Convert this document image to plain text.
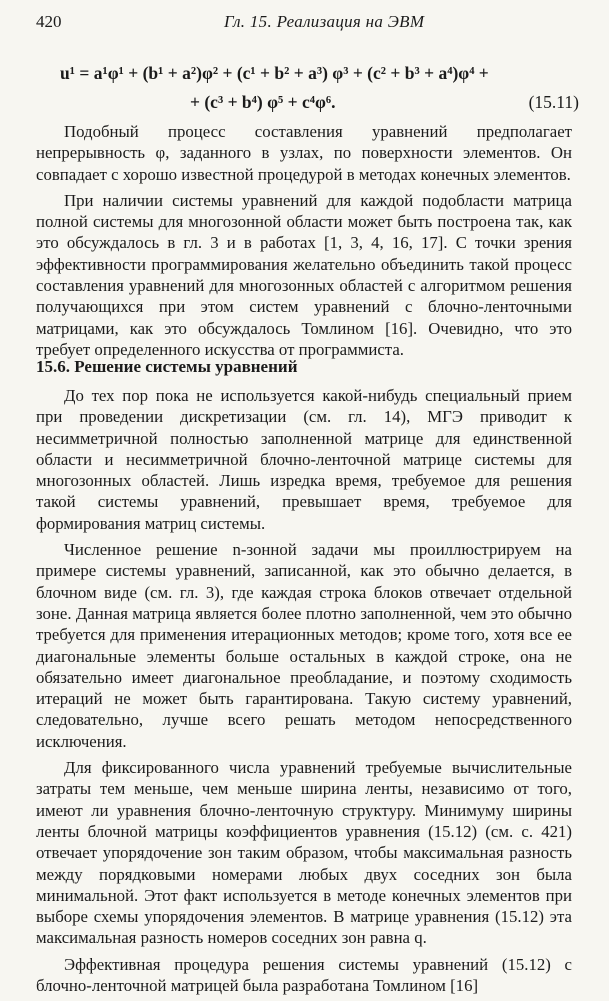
420	Гл. 15. Реализация на ЭВМ
u¹ = a¹φ¹ + (b¹ + a²)φ² + (c¹ + b² + a³) φ³ + (c² + b³ + a⁴)φ⁴ +
+ (c³ + b⁴) φ⁵ + c⁴φ⁶.	(15.11)

Подобный процесс составления уравнений предполагает непрерывность φ, заданного в узлах, по поверхности элементов. Он совпадает с хорошо известной процедурой в методах конечных элементов.

При наличии системы уравнений для каждой подобласти матрица полной системы для многозонной области может быть построена так, как это обсуждалось в гл. 3 и в работах [1, 3, 4, 16, 17]. С точки зрения эффективности программирования желательно объединить такой процесс составления уравнений для многозонных областей с алгоритмом решения получающихся при этом систем уравнений с блочно-ленточными матрицами, как это обсуждалось Томлином [16]. Очевидно, что это требует определенного искусства от программиста.

15.6. Решение системы уравнений

До тех пор пока не используется какой-нибудь специальный прием при проведении дискретизации (см. гл. 14), МГЭ приводит к несимметричной полностью заполненной матрице для единственной области и несимметричной блочно-ленточной матрице системы для многозонных областей. Лишь изредка время, требуемое для решения такой системы уравнений, превышает время, требуемое для формирования матриц системы.

Численное решение n-зонной задачи мы проиллюстрируем на примере системы уравнений, записанной, как это обычно делается, в блочном виде (см. гл. 3), где каждая строка блоков отвечает отдельной зоне. Данная матрица является более плотно заполненной, чем это обычно требуется для применения итерационных методов; кроме того, хотя все ее диагональные элементы больше остальных в каждой строке, она не обязательно имеет диагональное преобладание, и поэтому сходимость итераций не может быть гарантирована. Такую систему уравнений, следовательно, лучше всего решать методом непосредственного исключения.

Для фиксированного числа уравнений требуемые вычислительные затраты тем меньше, чем меньше ширина ленты, независимо от того, имеют ли уравнения блочно-ленточную структуру. Минимуму ширины ленты блочной матрицы коэффициентов уравнения (15.12) (см. с. 421) отвечает упорядочение зон таким образом, чтобы максимальная разность между порядковыми номерами любых двух соседних зон была минимальной. Этот факт используется в методе конечных элементов при выборе схемы упорядочения элементов. В матрице уравнения (15.12) эта максимальная разность номеров соседних зон равна q.

Эффективная процедура решения системы уравнений (15.12) с блочно-ленточной матрицей была разработана Томлином [16]
